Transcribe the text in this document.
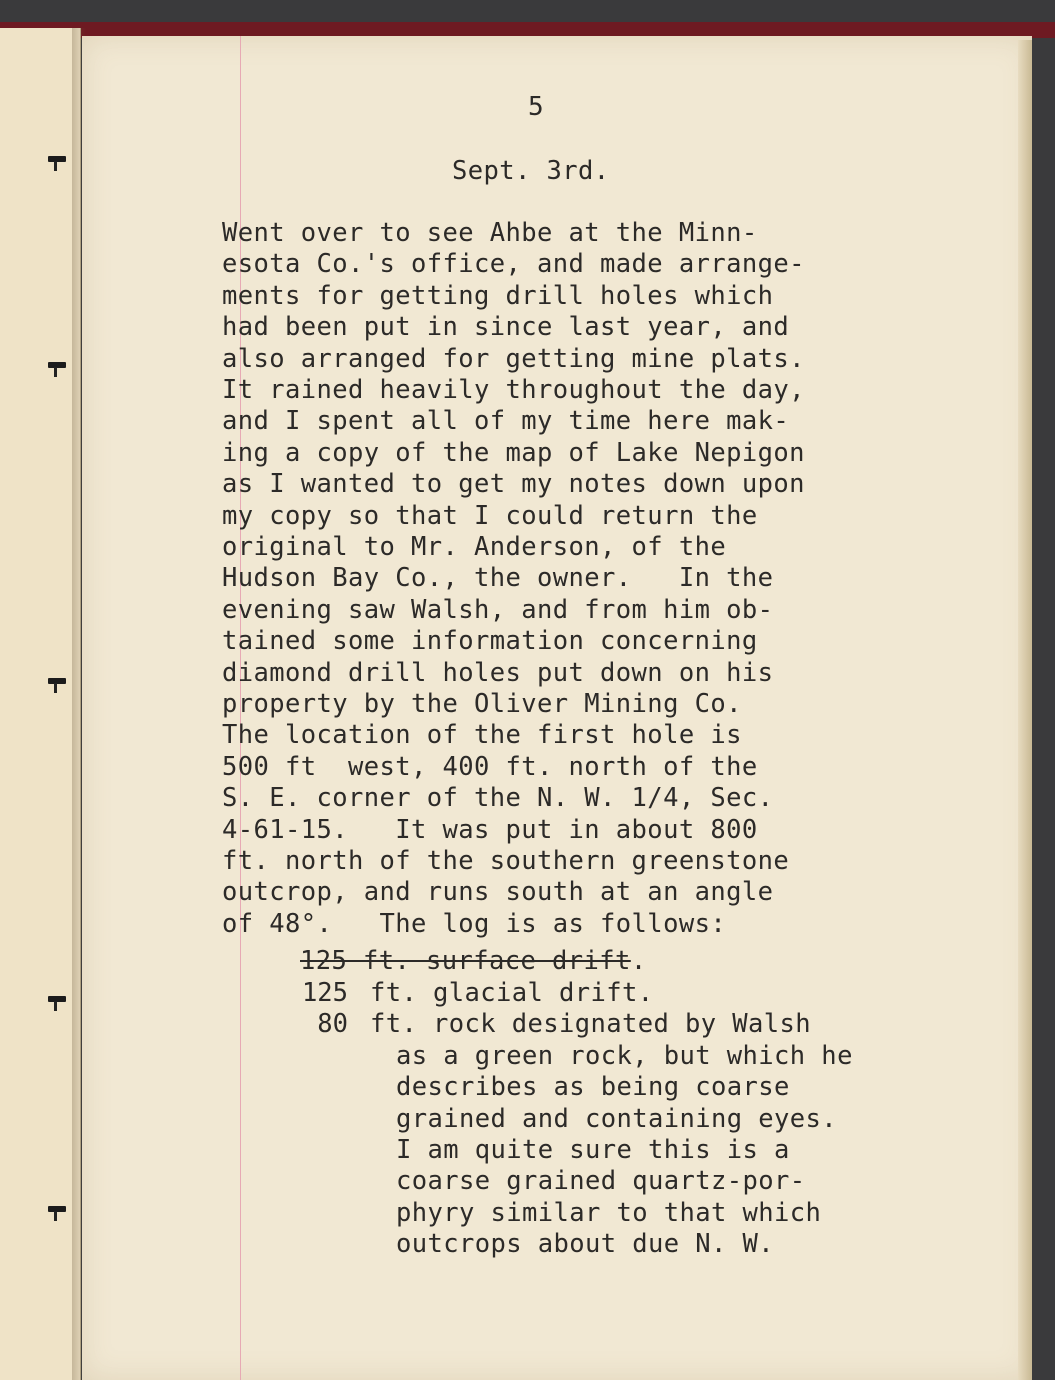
5

Sept. 3rd.

Went over to see Ahbe at the Minn-

esota Co.'s office, and made arrange-

ments for getting drill holes which

had been put in since last year, and

also arranged for getting mine plats.

It rained heavily throughout the day,

and I spent all of my time here mak-

ing a copy of the map of Lake Nepigon

as I wanted to get my notes down upon

my copy so that I could return the

original to Mr. Anderson, of the

Hudson Bay Co., the owner.   In the

evening saw Walsh, and from him ob-

tained some information concerning

diamond drill holes put down on his

property by the Oliver Mining Co.

The location of the first hole is

500 ft  west, 400 ft. north of the

S. E. corner of the N. W. 1/4, Sec.

4-61-15.   It was put in about 800

ft. north of the southern greenstone

outcrop, and runs south at an angle

of 48°.   The log is as follows:

125 ft. surface drift.

125 ft. glacial drift.

80 ft. rock designated by Walsh

as a green rock, but which he

describes as being coarse

grained and containing eyes.

I am quite sure this is a

coarse grained quartz-por-

phyry similar to that which

outcrops about due N. W.
